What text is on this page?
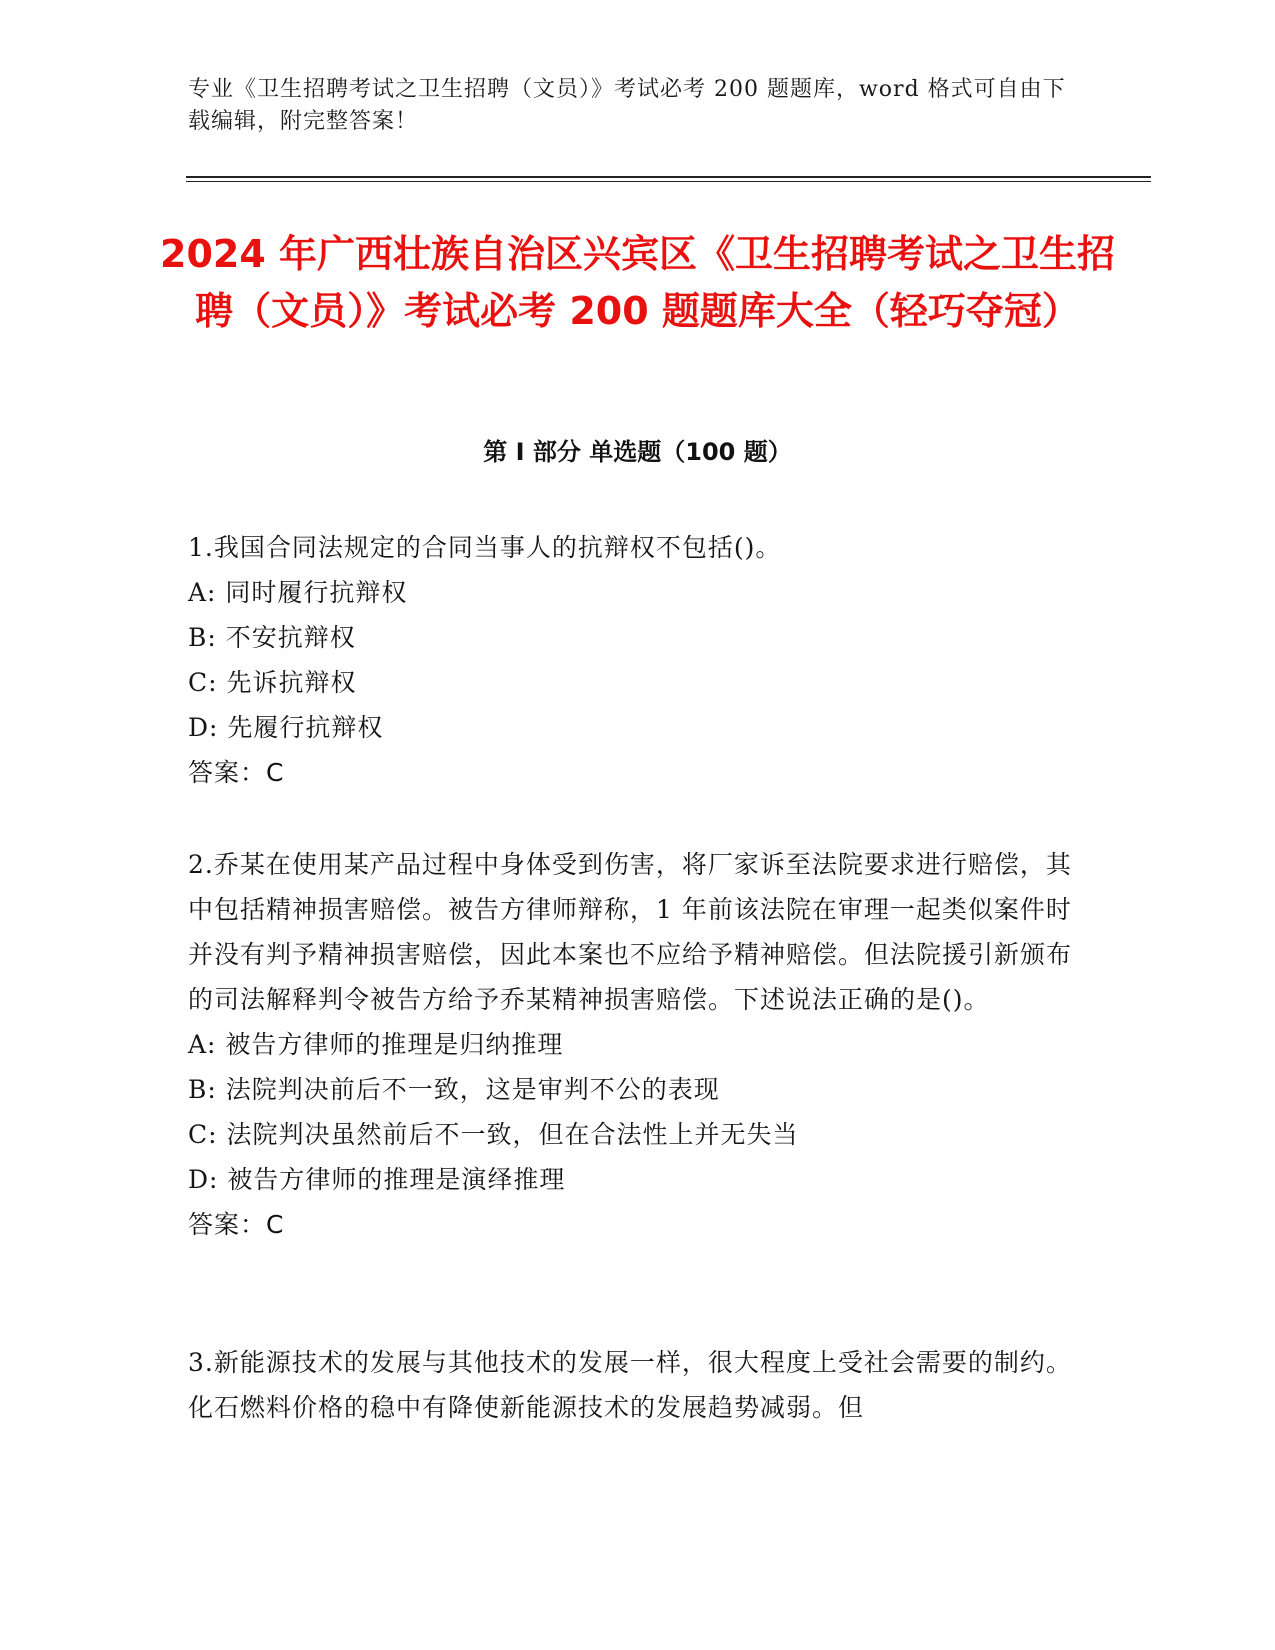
专业《卫生招聘考试之卫生招聘（文员）》考试必考 200 题题库，word 格式可自由下载编辑，附完整答案！
2024 年广西壮族自治区兴宾区《卫生招聘考试之卫生招聘（文员）》考试必考 200 题题库大全（轻巧夺冠）
第 I 部分 单选题（100 题）

1.我国合同法规定的合同当事人的抗辩权不包括()。

A: 同时履行抗辩权

B: 不安抗辩权

C: 先诉抗辩权

D: 先履行抗辩权

答案：C

2.乔某在使用某产品过程中身体受到伤害，将厂家诉至法院要求进行赔偿，其中包括精神损害赔偿。被告方律师辩称，1 年前该法院在审理一起类似案件时并没有判予精神损害赔偿，因此本案也不应给予精神赔偿。但法院援引新颁布的司法解释判令被告方给予乔某精神损害赔偿。下述说法正确的是()。

A: 被告方律师的推理是归纳推理

B: 法院判决前后不一致，这是审判不公的表现

C: 法院判决虽然前后不一致，但在合法性上并无失当

D: 被告方律师的推理是演绎推理

答案：C

3.新能源技术的发展与其他技术的发展一样，很大程度上受社会需要的制约。化石燃料价格的稳中有降使新能源技术的发展趋势减弱。但
